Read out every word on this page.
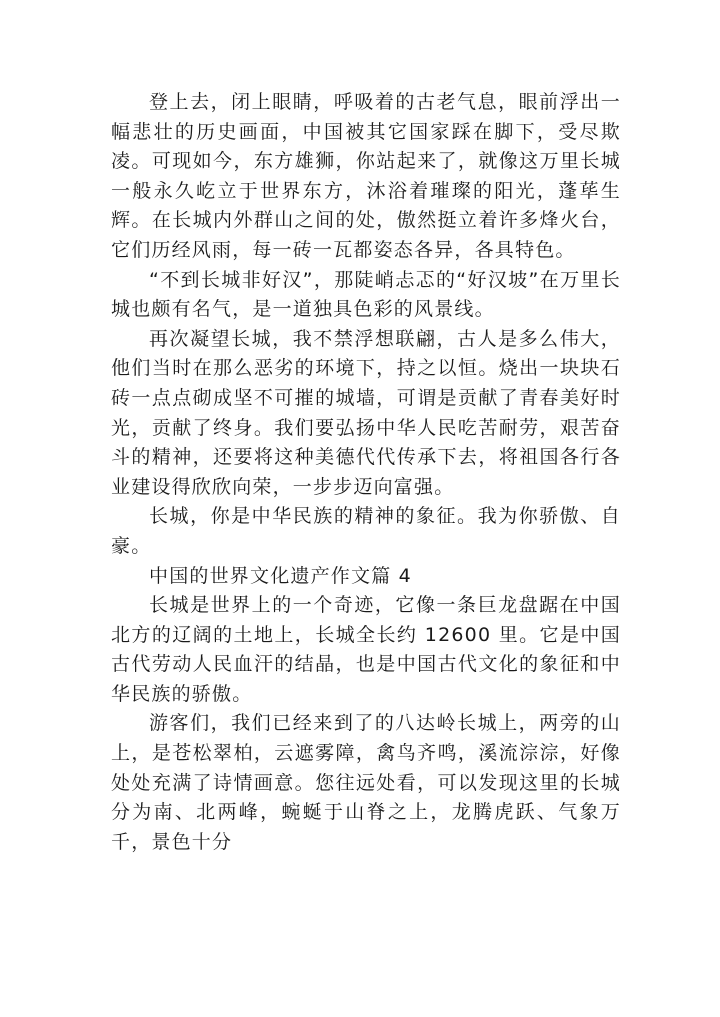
登上去，闭上眼睛，呼吸着的古老气息，眼前浮出一幅悲壮的历史画面，中国被其它国家踩在脚下，受尽欺凌。可现如今，东方雄狮，你站起来了，就像这万里长城一般永久屹立于世界东方，沐浴着璀璨的阳光，蓬荜生辉。在长城内外群山之间的处，傲然挺立着许多烽火台，它们历经风雨，每一砖一瓦都姿态各异，各具特色。

“不到长城非好汉”，那陡峭忐忑的“好汉坡”在万里长城也颇有名气，是一道独具色彩的风景线。

再次凝望长城，我不禁浮想联翩，古人是多么伟大，他们当时在那么恶劣的环境下，持之以恒。烧出一块块石砖一点点砌成坚不可摧的城墙，可谓是贡献了青春美好时光，贡献了终身。我们要弘扬中华人民吃苦耐劳，艰苦奋斗的精神，还要将这种美德代代传承下去，将祖国各行各业建设得欣欣向荣，一步步迈向富强。

长城，你是中华民族的精神的象征。我为你骄傲、自豪。

中国的世界文化遗产作文篇 4

长城是世界上的一个奇迹，它像一条巨龙盘踞在中国北方的辽阔的土地上，长城全长约 12600 里。它是中国古代劳动人民血汗的结晶，也是中国古代文化的象征和中华民族的骄傲。

游客们，我们已经来到了的八达岭长城上，两旁的山上，是苍松翠柏，云遮雾障，禽鸟齐鸣，溪流淙淙，好像处处充满了诗情画意。您往远处看，可以发现这里的长城分为南、北两峰，蜿蜒于山脊之上，龙腾虎跃、气象万千，景色十分
